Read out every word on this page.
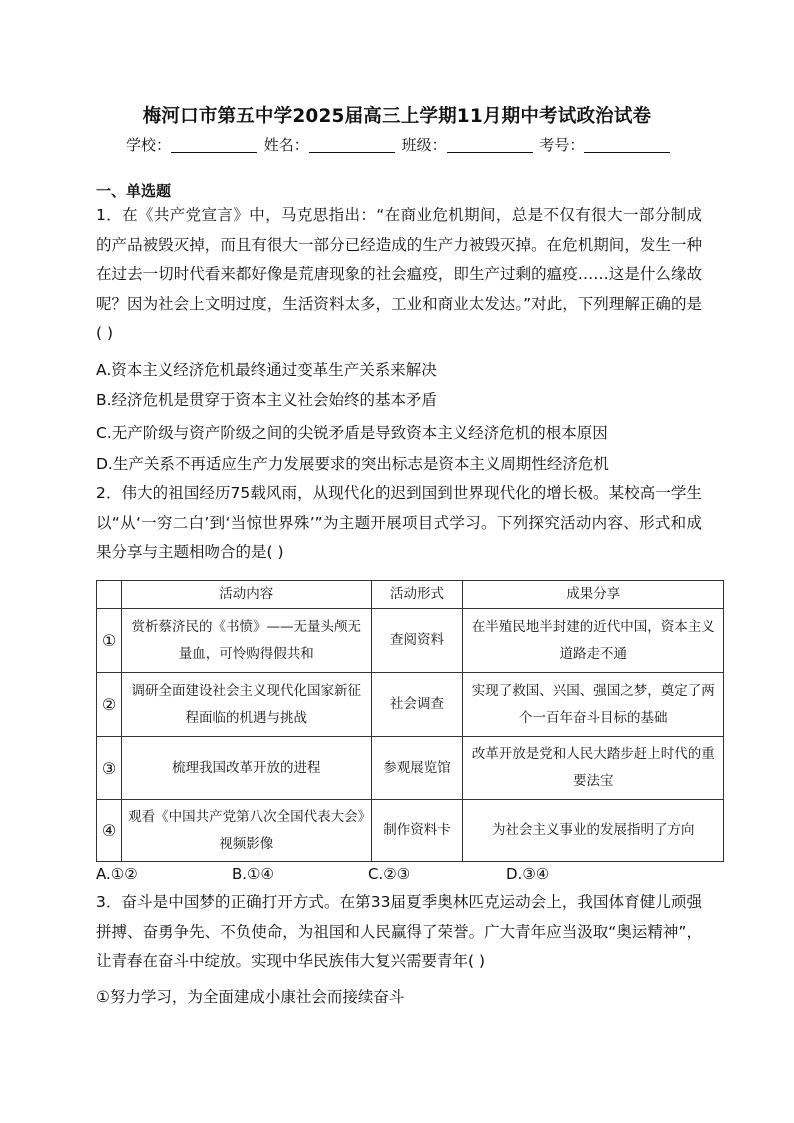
梅河口市第五中学2025届高三上学期11月期中考试政治试卷
学校：	姓名：	班级：	考号：
一、单选题
1．在《共产党宣言》中，马克思指出：“在商业危机期间，总是不仅有很大一部分制成的产品被毁灭掉，而且有很大一部分已经造成的生产力被毁灭掉。在危机期间，发生一种在过去一切时代看来都好像是荒唐现象的社会瘟疫，即生产过剩的瘟疫……这是什么缘故呢？因为社会上文明过度，生活资料太多，工业和商业太发达。”对此，下列理解正确的是( )
A.资本主义经济危机最终通过变革生产关系来解决
B.经济危机是贯穿于资本主义社会始终的基本矛盾
C.无产阶级与资产阶级之间的尖锐矛盾是导致资本主义经济危机的根本原因
D.生产关系不再适应生产力发展要求的突出标志是资本主义周期性经济危机
2．伟大的祖国经历75载风雨，从现代化的迟到国到世界现代化的增长极。某校高一学生以“从‘一穷二白’到‘当惊世界殊’”为主题开展项目式学习。下列探究活动内容、形式和成果分享与主题相吻合的是( )
	活动内容	活动形式	成果分享
①	赏析蔡济民的《书愤》——无量头颅无量血，可怜购得假共和	查阅资料	在半殖民地半封建的近代中国，资本主义道路走不通
②	调研全面建设社会主义现代化国家新征程面临的机遇与挑战	社会调查	实现了救国、兴国、强国之梦，奠定了两个一百年奋斗目标的基础
③	梳理我国改革开放的进程	参观展览馆	改革开放是党和人民大踏步赶上时代的重要法宝
④	观看《中国共产党第八次全国代表大会》视频影像	制作资料卡	为社会主义事业的发展指明了方向
A.①②	B.①④	C.②③	D.③④
3．奋斗是中国梦的正确打开方式。在第33届夏季奥林匹克运动会上，我国体育健儿顽强拼搏、奋勇争先、不负使命，为祖国和人民赢得了荣誉。广大青年应当汲取“奥运精神”，让青春在奋斗中绽放。实现中华民族伟大复兴需要青年( )
①努力学习，为全面建成小康社会而接续奋斗
